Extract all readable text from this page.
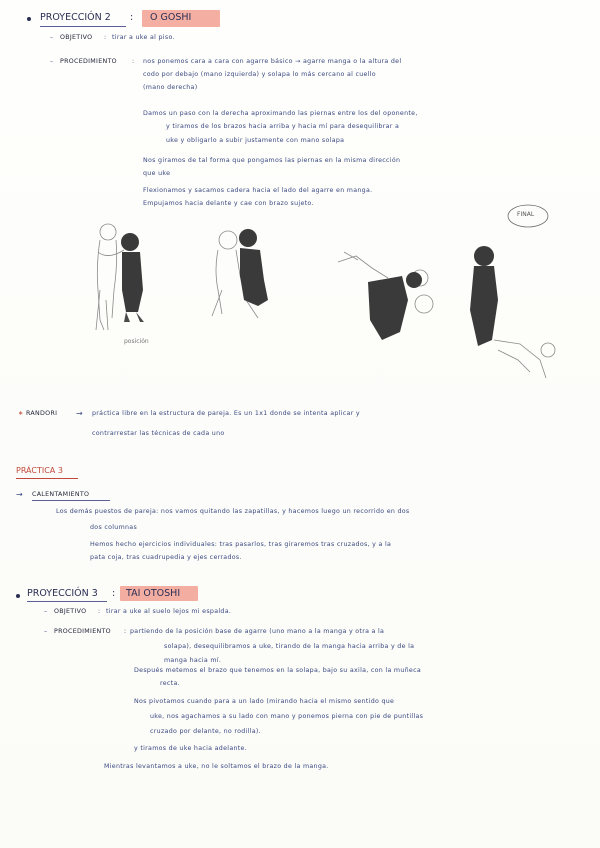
PROYECCIÓN 2 : O GOSHI
– OBJETIVO : tirar a uke al piso.
– PROCEDIMIENTO : nos ponemos cara a cara con agarre básico → agarre manga o la altura del
codo por debajo (mano izquierda) y solapa lo más cercano al cuello
(mano derecha)
Damos un paso con la derecha aproximando las piernas entre los del oponente,
y tiramos de los brazos hacia arriba y hacia mí para desequilibrar a
uke y obligarlo a subir justamente con mano solapa
Nos giramos de tal forma que pongamos las piernas en la misma dirección
que uke
Flexionamos y sacamos cadera hacia el lado del agarre en manga.
Empujamos hacia delante y cae con brazo sujeto.
FINAL
posición
∗ RANDORI → práctica libre en la estructura de pareja. Es un 1x1 donde se intenta aplicar y
contrarrestar las técnicas de cada uno
PRÁCTICA 3
→ CALENTAMIENTO
Los demás puestos de pareja: nos vamos quitando las zapatillas, y hacemos luego un recorrido en dos
dos columnas
Hemos hecho ejercicios individuales: tras pasarlos, tras giraremos tras cruzados, y a la
pata coja, tras cuadrupedia y ejes cerrados.
PROYECCIÓN 3 : TAI OTOSHI
– OBJETIVO : tirar a uke al suelo lejos mi espalda.
– PROCEDIMIENTO : partiendo de la posición base de agarre (uno mano a la manga y otra a la
solapa), desequilibramos a uke, tirando de la manga hacia arriba y de la
manga hacia mí.
Después metemos el brazo que tenemos en la solapa, bajo su axila, con la muñeca
recta.
Nos pivotamos cuando para a un lado (mirando hacia el mismo sentido que
uke, nos agachamos a su lado con mano y ponemos pierna con pie de puntillas
cruzado por delante, no rodilla).
y tiramos de uke hacia adelante.
Mientras levantamos a uke, no le soltamos el brazo de la manga.
